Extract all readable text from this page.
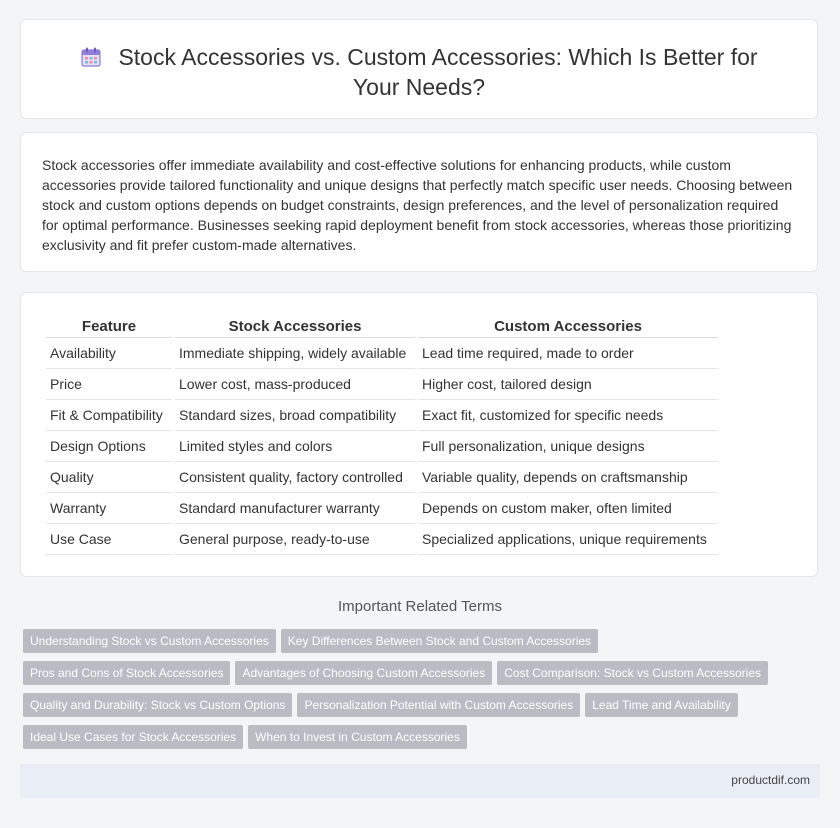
Stock Accessories vs. Custom Accessories: Which Is Better for Your Needs?

Stock accessories offer immediate availability and cost-effective solutions for enhancing products, while custom accessories provide tailored functionality and unique designs that perfectly match specific user needs. Choosing between stock and custom options depends on budget constraints, design preferences, and the level of personalization required for optimal performance. Businesses seeking rapid deployment benefit from stock accessories, whereas those prioritizing exclusivity and fit prefer custom-made alternatives.

Feature	Stock Accessories	Custom Accessories
Availability	Immediate shipping, widely available	Lead time required, made to order
Price	Lower cost, mass-produced	Higher cost, tailored design
Fit & Compatibility	Standard sizes, broad compatibility	Exact fit, customized for specific needs
Design Options	Limited styles and colors	Full personalization, unique designs
Quality	Consistent quality, factory controlled	Variable quality, depends on craftsmanship
Warranty	Standard manufacturer warranty	Depends on custom maker, often limited
Use Case	General purpose, ready-to-use	Specialized applications, unique requirements
Important Related Terms
Understanding Stock vs Custom Accessories Key Differences Between Stock and Custom Accessories
Pros and Cons of Stock Accessories Advantages of Choosing Custom Accessories Cost Comparison: Stock vs Custom Accessories
Quality and Durability: Stock vs Custom Options Personalization Potential with Custom Accessories Lead Time and Availability
Ideal Use Cases for Stock Accessories When to Invest in Custom Accessories
productdif.com
